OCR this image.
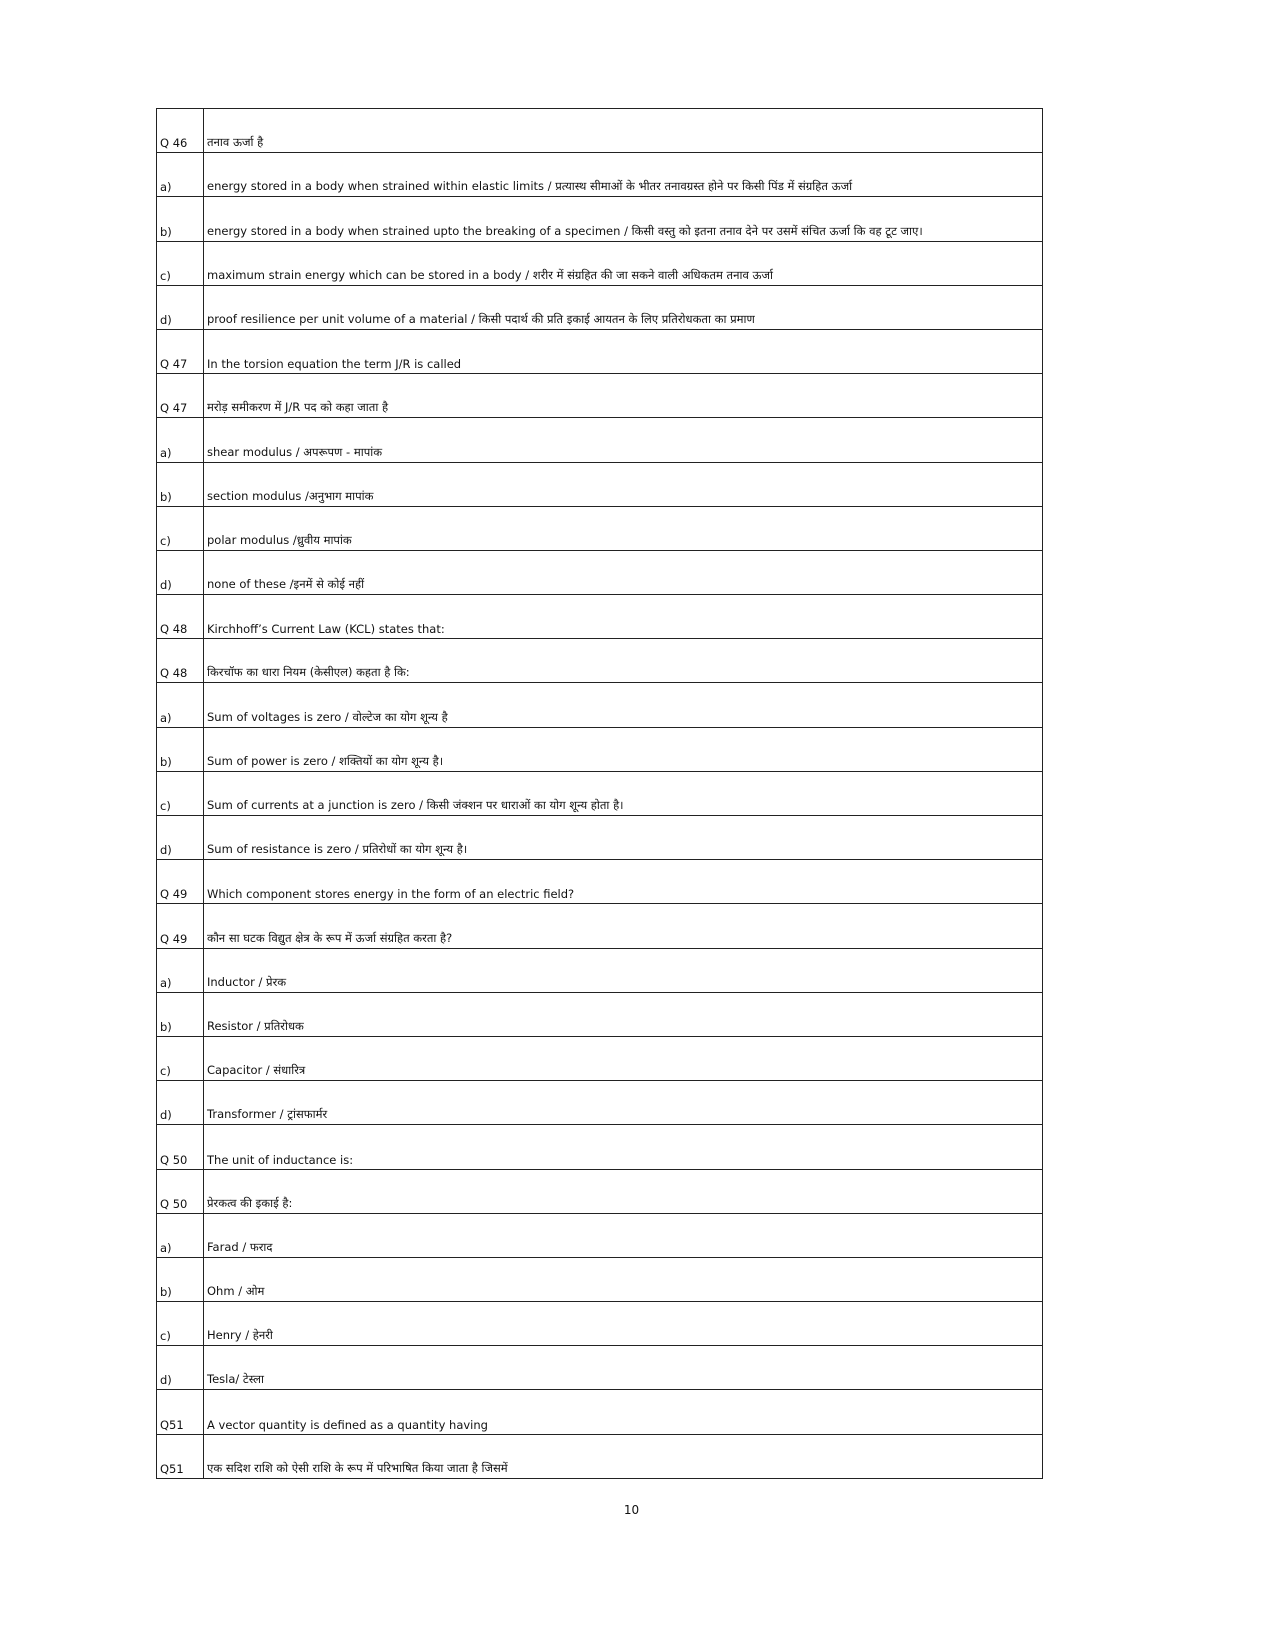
Q 46	तनाव ऊर्जा है
a)	energy stored in a body when strained within elastic limits / प्रत्यास्थ सीमाओं के भीतर तनावग्रस्त होने पर किसी पिंड में संग्रहित ऊर्जा
b)	energy stored in a body when strained upto the breaking of a specimen / किसी वस्तु को इतना तनाव देने पर उसमें संचित ऊर्जा कि वह टूट जाए।
c)	maximum strain energy which can be stored in a body / शरीर में संग्रहित की जा सकने वाली अधिकतम तनाव ऊर्जा
d)	proof resilience per unit volume of a material / किसी पदार्थ की प्रति इकाई आयतन के लिए प्रतिरोधकता का प्रमाण
Q 47	In the torsion equation the term J/R is called
Q 47	मरोड़ समीकरण में J/R पद को कहा जाता है
a)	shear modulus / अपरूपण - मापांक
b)	section modulus /अनुभाग मापांक
c)	polar modulus /ध्रुवीय मापांक
d)	none of these /इनमें से कोई नहीं
Q 48	Kirchhoff’s Current Law (KCL) states that:
Q 48	किरचॉफ का धारा नियम (केसीएल) कहता है कि:
a)	Sum of voltages is zero / वोल्टेज का योग शून्य है
b)	Sum of power is zero / शक्तियों का योग शून्य है।
c)	Sum of currents at a junction is zero / किसी जंक्शन पर धाराओं का योग शून्य होता है।
d)	Sum of resistance is zero / प्रतिरोधों का योग शून्य है।
Q 49	Which component stores energy in the form of an electric field?
Q 49	कौन सा घटक विद्युत क्षेत्र के रूप में ऊर्जा संग्रहित करता है?
a)	Inductor / प्रेरक
b)	Resistor / प्रतिरोधक
c)	Capacitor / संधारित्र
d)	Transformer / ट्रांसफार्मर
Q 50	The unit of inductance is:
Q 50	प्रेरकत्व की इकाई है:
a)	Farad / फराद
b)	Ohm / ओम
c)	Henry / हेनरी
d)	Tesla/ टेस्ला
Q51	A vector quantity is defined as a quantity having
Q51	एक सदिश राशि को ऐसी राशि के रूप में परिभाषित किया जाता है जिसमें
10
